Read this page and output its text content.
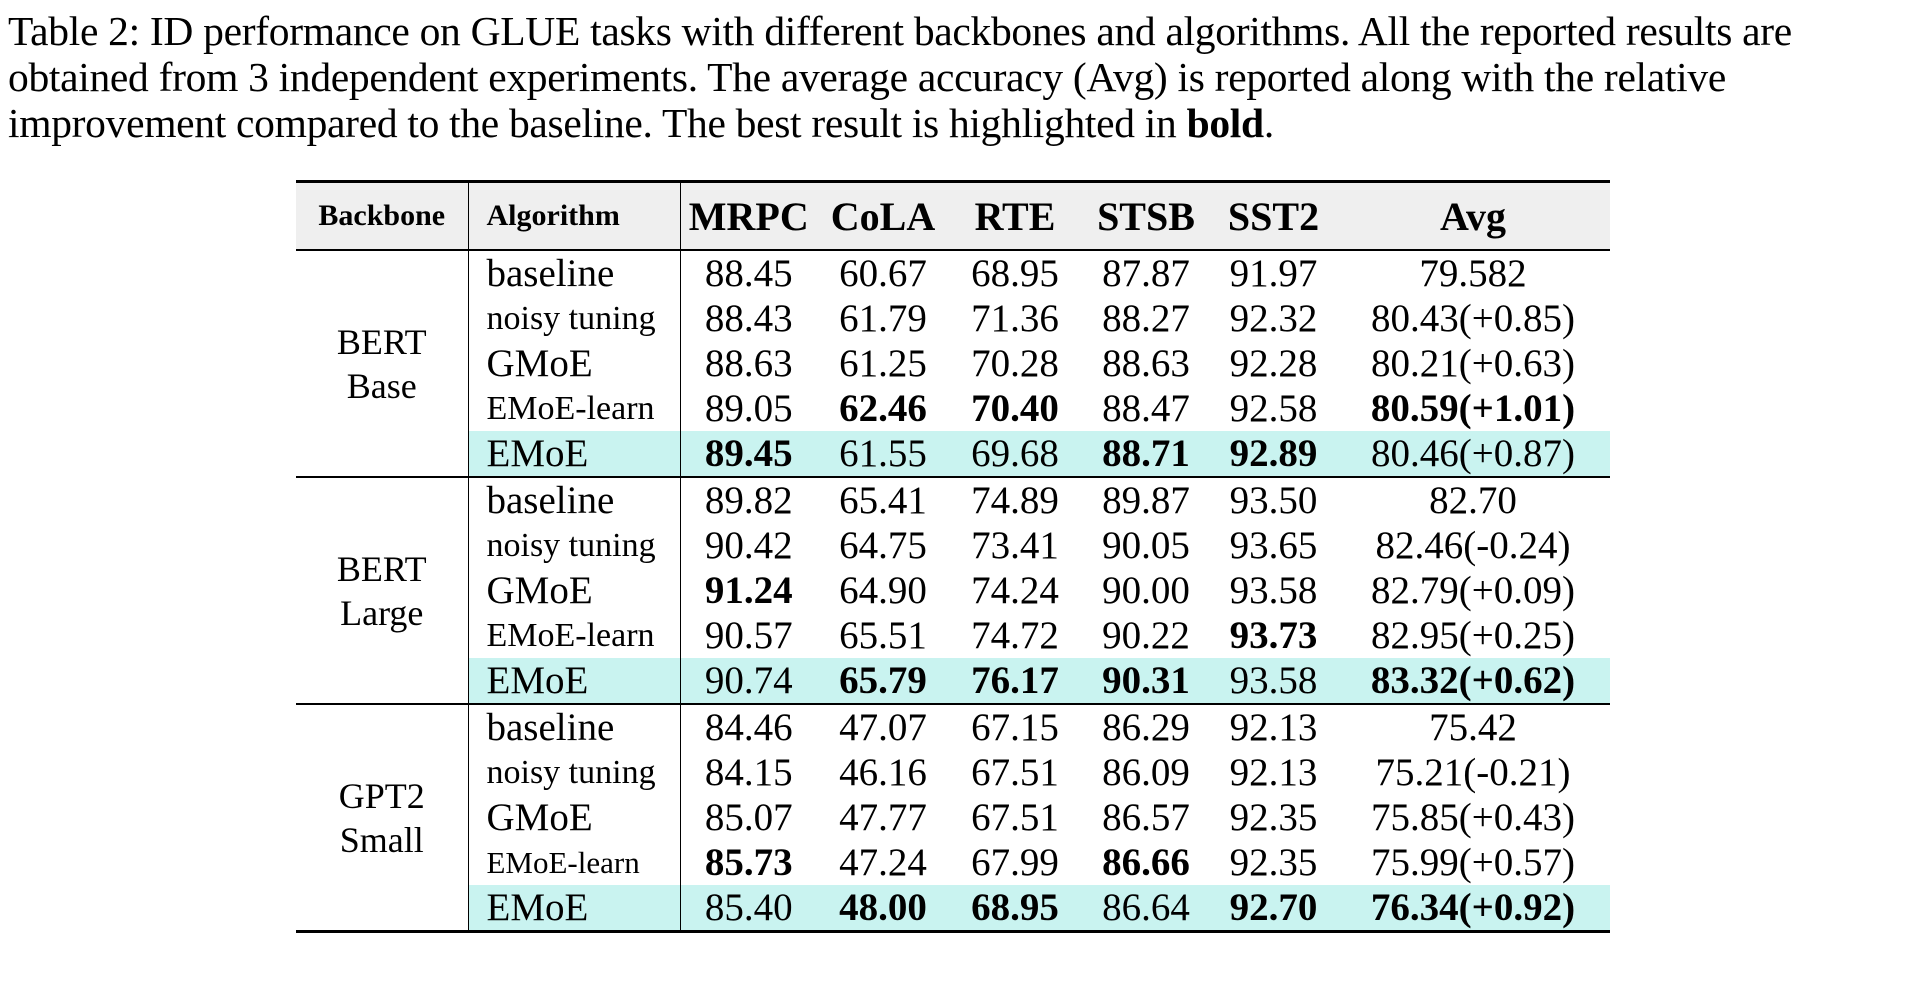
Table 2: ID performance on GLUE tasks with different backbones and algorithms. All the reported results are obtained from 3 independent experiments. The average accuracy (Avg) is reported along with the relative improvement compared to the baseline. The best result is highlighted in bold.
Backbone	Algorithm	MRPC	CoLA	RTE	STSB	SST2	Avg
BERT
Base	baseline	88.45	60.67	68.95	87.87	91.97	79.582
	noisy tuning	88.43	61.79	71.36	88.27	92.32	80.43(+0.85)
	GMoE	88.63	61.25	70.28	88.63	92.28	80.21(+0.63)
	EMoE-learn	89.05	62.46	70.40	88.47	92.58	80.59(+1.01)
	EMoE	89.45	61.55	69.68	88.71	92.89	80.46(+0.87)
BERT
Large	baseline	89.82	65.41	74.89	89.87	93.50	82.70
	noisy tuning	90.42	64.75	73.41	90.05	93.65	82.46(-0.24)
	GMoE	91.24	64.90	74.24	90.00	93.58	82.79(+0.09)
	EMoE-learn	90.57	65.51	74.72	90.22	93.73	82.95(+0.25)
	EMoE	90.74	65.79	76.17	90.31	93.58	83.32(+0.62)
GPT2
Small	baseline	84.46	47.07	67.15	86.29	92.13	75.42
	noisy tuning	84.15	46.16	67.51	86.09	92.13	75.21(-0.21)
	GMoE	85.07	47.77	67.51	86.57	92.35	75.85(+0.43)
	EMoE-learn	85.73	47.24	67.99	86.66	92.35	75.99(+0.57)
	EMoE	85.40	48.00	68.95	86.64	92.70	76.34(+0.92)
